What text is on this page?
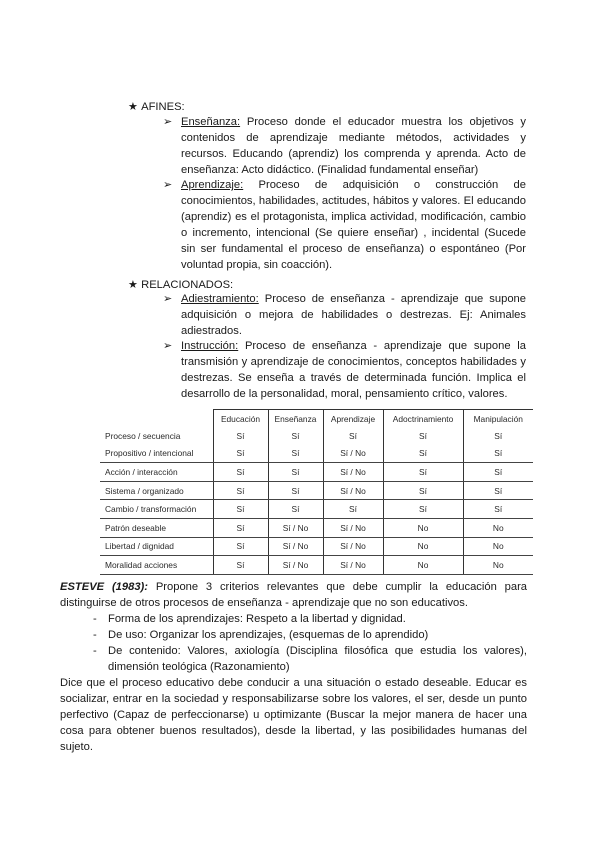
★ AFINES:
➢ Enseñanza: Proceso donde el educador muestra los objetivos y contenidos de aprendizaje mediante métodos, actividades y recursos. Educando (aprendiz) los comprenda y aprenda. Acto de enseñanza: Acto didáctico. (Finalidad fundamental enseñar)
➢ Aprendizaje: Proceso de adquisición o construcción de conocimientos, habilidades, actitudes, hábitos y valores. El educando (aprendiz) es el protagonista, implica actividad, modificación, cambio o incremento, intencional (Se quiere enseñar) , incidental (Sucede sin ser fundamental el proceso de enseñanza) o espontáneo (Por voluntad propia, sin coacción).
★ RELACIONADOS:
➢ Adiestramiento: Proceso de enseñanza - aprendizaje que supone adquisición o mejora de habilidades o destrezas. Ej: Animales adiestrados.
➢ Instrucción: Proceso de enseñanza - aprendizaje que supone la transmisión y aprendizaje de conocimientos, conceptos habilidades y destrezas. Se enseña a través de determinada función. Implica el desarrollo de la personalidad, moral, pensamiento crítico, valores.
	Educación	Enseñanza	Aprendizaje	Adoctrinamiento	Manipulación
Proceso / secuencia	Sí	Sí	Sí	Sí	Sí
Propositivo / intencional	Sí	Sí	Sí / No	Sí	Sí
Acción / interacción	Sí	Sí	Sí / No	Sí	Sí
Sistema / organizado	Sí	Sí	Sí / No	Sí	Sí
Cambio / transformación	Sí	Sí	Sí	Sí	Sí
Patrón deseable	Sí	Sí / No	Sí / No	No	No
Libertad / dignidad	Sí	Sí / No	Sí / No	No	No
Moralidad acciones	Sí	Sí / No	Sí / No	No	No
ESTEVE (1983): Propone 3 criterios relevantes que debe cumplir la educación para distinguirse de otros procesos de enseñanza - aprendizaje que no son educativos.
- Forma de los aprendizajes: Respeto a la libertad y dignidad.
- De uso: Organizar los aprendizajes, (esquemas de lo aprendido)
- De contenido: Valores, axiología (Disciplina filosófica que estudia los valores), dimensión teológica (Razonamiento)
Dice que el proceso educativo debe conducir a una situación o estado deseable. Educar es socializar, entrar en la sociedad y responsabilizarse sobre los valores, el ser, desde un punto perfectivo (Capaz de perfeccionarse) u optimizante (Buscar la mejor manera de hacer una cosa para obtener buenos resultados), desde la libertad, y las posibilidades humanas del sujeto.
